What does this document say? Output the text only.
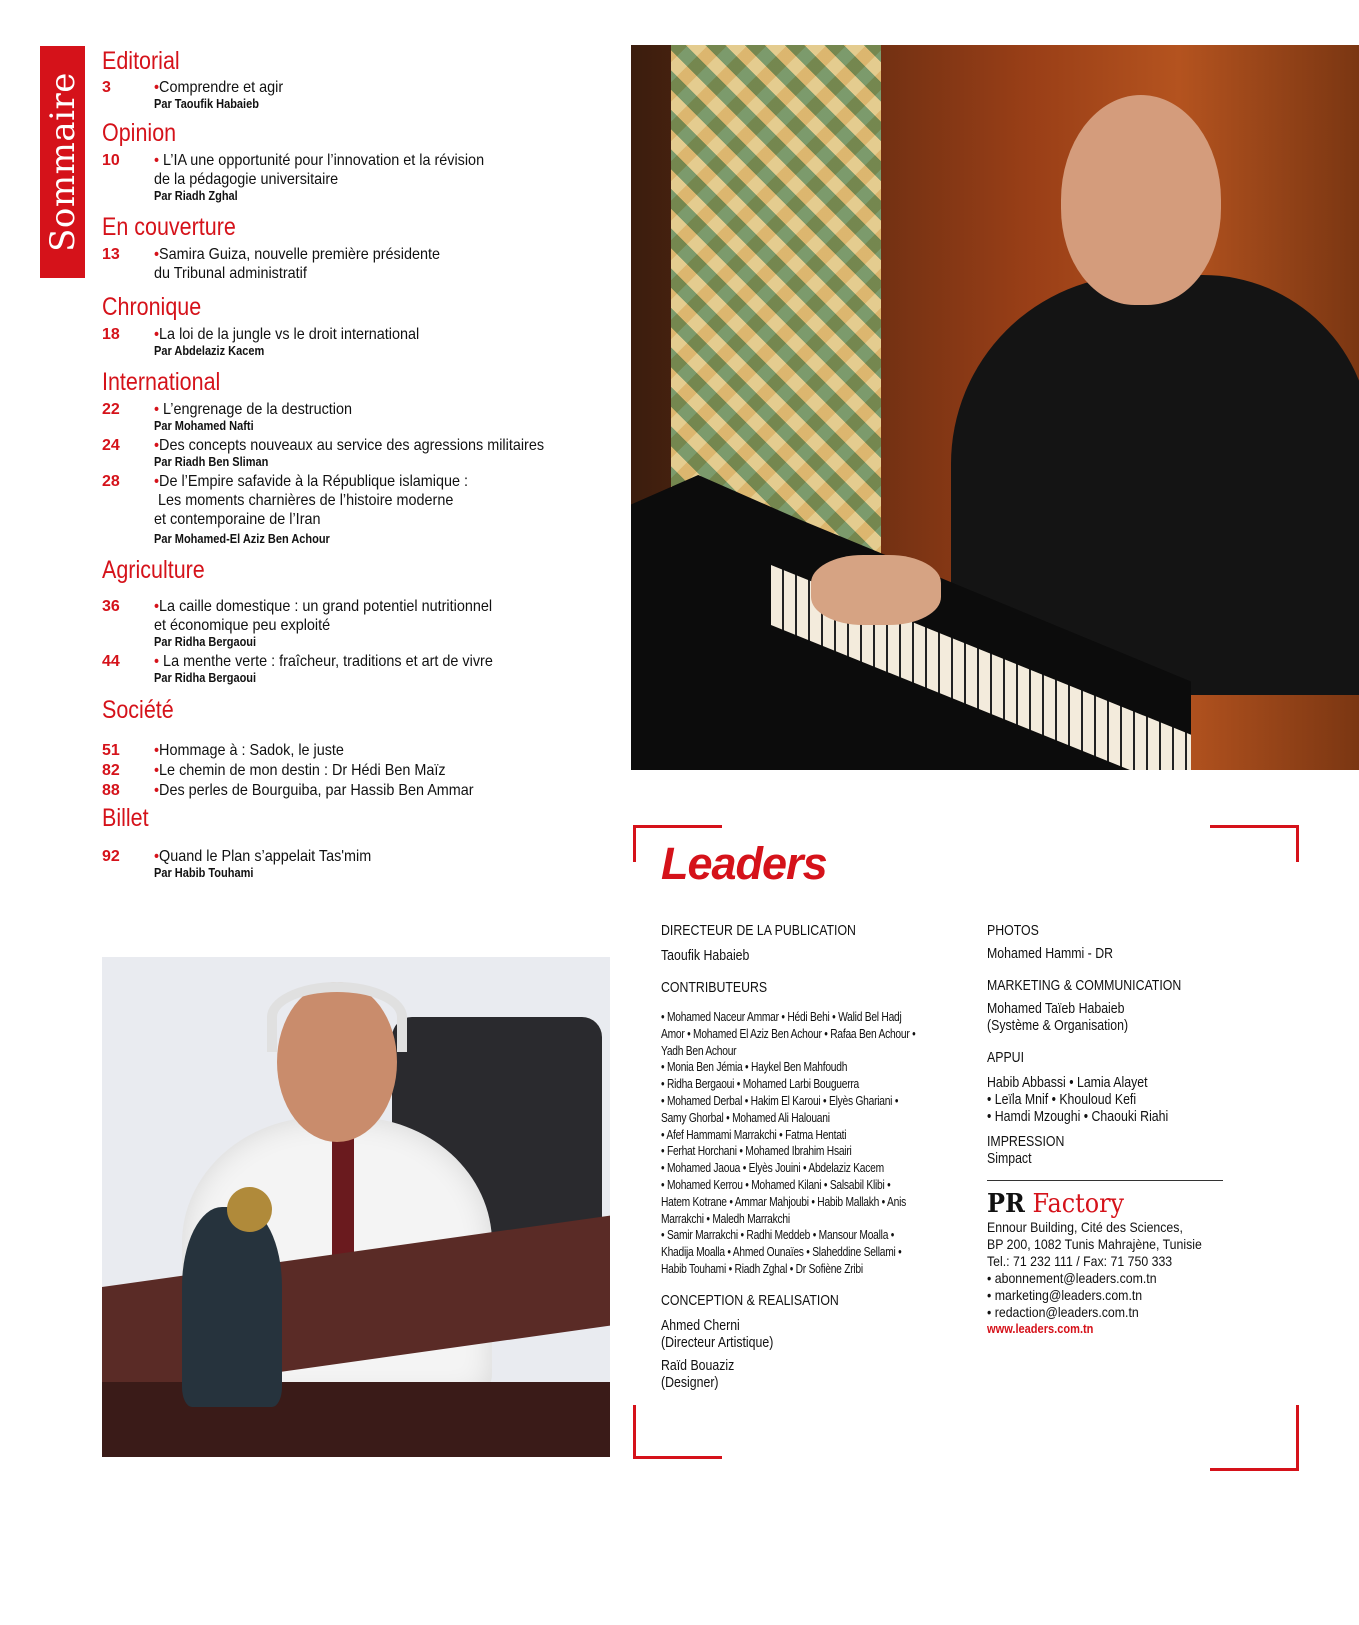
Sommaire
Editorial
3	•Comprendre et agir
Par Taoufik Habaieb
Opinion
10	• L’IA une opportunité pour l’innovation et la révision
de la pédagogie universitaire
Par Riadh Zghal
En couverture
13	•Samira Guiza, nouvelle première présidente
du Tribunal administratif
Chronique
18	•La loi de la jungle vs le droit international
Par Abdelaziz Kacem
International
22	• L’engrenage de la destruction
Par Mohamed Nafti
24	•Des concepts nouveaux au service des agressions militaires
Par Riadh Ben Sliman
28	•De l’Empire safavide à la République islamique :
Les moments charnières de l’histoire moderne
et contemporaine de l’Iran
Par Mohamed-El Aziz Ben Achour
Agriculture
36	•La caille domestique : un grand potentiel nutritionnel
et économique peu exploité
Par Ridha Bergaoui
44	• La menthe verte : fraîcheur, traditions et art de vivre
Par Ridha Bergaoui
Société
51	•Hommage à : Sadok, le juste
82	•Le chemin de mon destin : Dr Hédi Ben Maïz
88	•Des perles de Bourguiba, par Hassib Ben Ammar
Billet
92	•Quand le Plan s’appelait Tas'mim
Par Habib Touhami	Leaders
DIRECTEUR DE LA PUBLICATION
Taoufik Habaieb
CONTRIBUTEURS
• Mohamed Naceur Ammar • Hédi Behi • Walid Bel Hadj
Amor • Mohamed El Aziz Ben Achour • Rafaa Ben Achour •
Yadh Ben Achour
• Monia Ben Jémia • Haykel Ben Mahfoudh
• Ridha Bergaoui • Mohamed Larbi Bouguerra
• Mohamed Derbal • Hakim El Karoui • Elyès Ghariani •
Samy Ghorbal • Mohamed Ali Halouani
• Afef Hammami Marrakchi • Fatma Hentati
• Ferhat Horchani • Mohamed Ibrahim Hsairi
• Mohamed Jaoua • Elyès Jouini • Abdelaziz Kacem
• Mohamed Kerrou • Mohamed Kilani • Salsabil Klibi •
Hatem Kotrane • Ammar Mahjoubi • Habib Mallakh • Anis
Marrakchi • Maledh Marrakchi
• Samir Marrakchi • Radhi Meddeb • Mansour Moalla •
Khadija Moalla • Ahmed Ounaïes • Slaheddine Sellami •
Habib Touhami • Riadh Zghal • Dr Sofiène Zribi
CONCEPTION & REALISATION
Ahmed Cherni
(Directeur Artistique)
Raïd Bouaziz
(Designer)
PHOTOS
Mohamed Hammi - DR
MARKETING & COMMUNICATION
Mohamed Taïeb Habaieb
(Système & Organisation)
APPUI
Habib Abbassi • Lamia Alayet
• Leïla Mnif • Khouloud Kefi
• Hamdi Mzoughi • Chaouki Riahi
IMPRESSION
Simpact
PR Factory
Ennour Building, Cité des Sciences,
BP 200, 1082 Tunis Mahrajène, Tunisie
Tel.: 71 232 111 / Fax: 71 750 333
• abonnement@leaders.com.tn
• marketing@leaders.com.tn
• redaction@leaders.com.tn
www.leaders.com.tn
